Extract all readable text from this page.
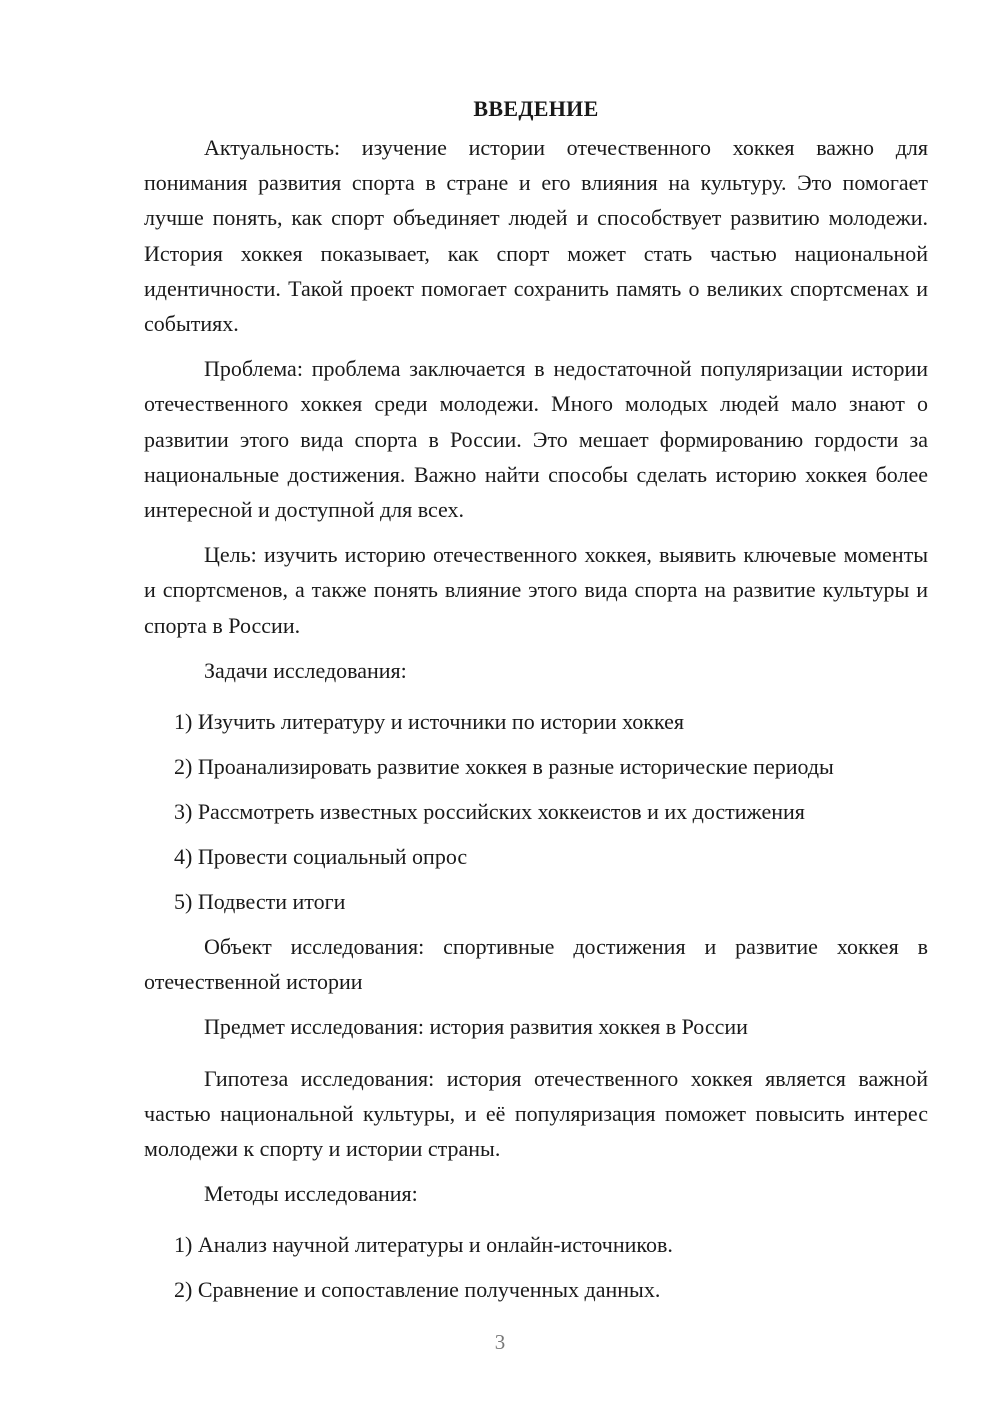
ВВЕДЕНИЕ

Актуальность: изучение истории отечественного хоккея важно для понимания развития спорта в стране и его влияния на культуру. Это помогает лучше понять, как спорт объединяет людей и способствует развитию молодежи. История хоккея показывает, как спорт может стать частью национальной идентичности. Такой проект помогает сохранить память о великих спортсменах и событиях.

Проблема: проблема заключается в недостаточной популяризации истории отечественного хоккея среди молодежи. Много молодых людей мало знают о развитии этого вида спорта в России. Это мешает формированию гордости за национальные достижения. Важно найти способы сделать историю хоккея более интересной и доступной для всех.

Цель: изучить историю отечественного хоккея, выявить ключевые моменты и спортсменов, а также понять влияние этого вида спорта на развитие культуры и спорта в России.

Задачи исследования:

1) Изучить литературу и источники по истории хоккея
2) Проанализировать развитие хоккея в разные исторические периоды
3) Рассмотреть известных российских хоккеистов и их достижения
4) Провести социальный опрос
5) Подвести итоги

Объект исследования: спортивные достижения и развитие хоккея в отечественной истории

Предмет исследования: история развития хоккея в России

Гипотеза исследования: история отечественного хоккея является важной частью национальной культуры, и её популяризация поможет повысить интерес молодежи к спорту и истории страны.

Методы исследования:

1) Анализ научной литературы и онлайн-источников.
2) Сравнение и сопоставление полученных данных.
3
